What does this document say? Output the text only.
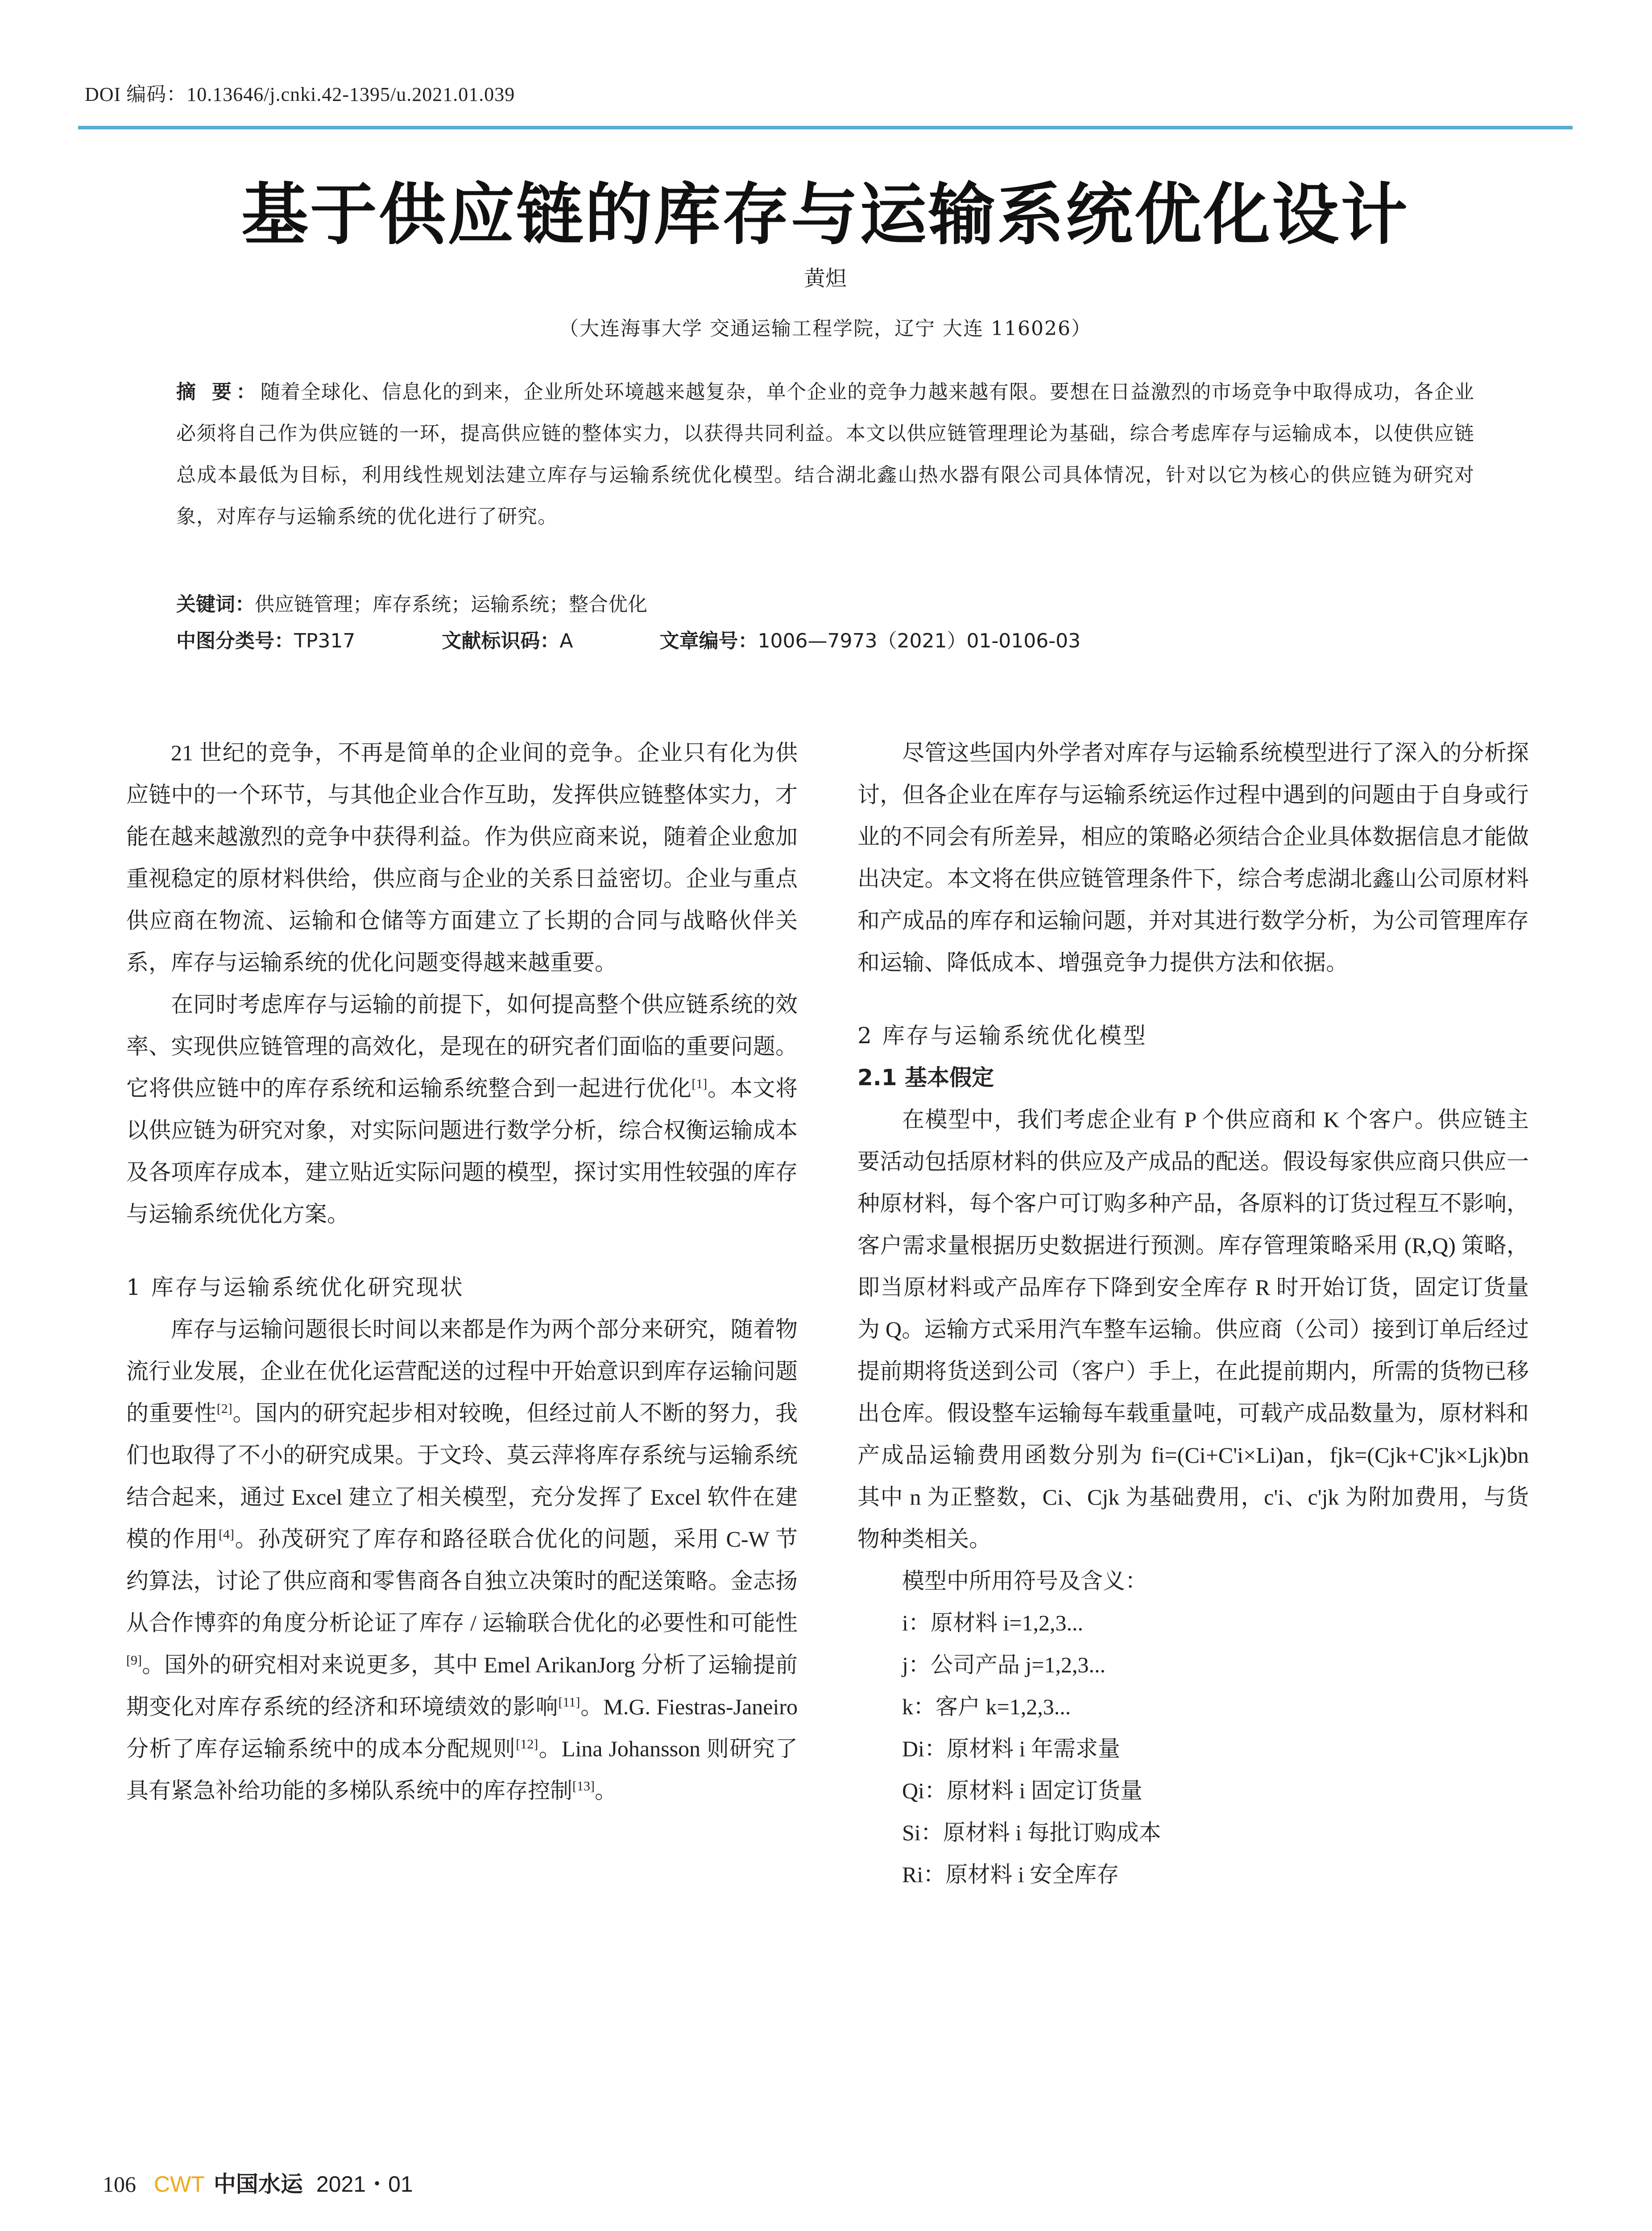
DOI 编码：10.13646/j.cnki.42-1395/u.2021.01.039
基于供应链的库存与运输系统优化设计
黄炟
（大连海事大学 交通运输工程学院，辽宁 大连 116026）
摘 要：随着全球化、信息化的到来，企业所处环境越来越复杂，单个企业的竞争力越来越有限。要想在日益激烈的市场竞争中取得成功，各企业必须将自己作为供应链的一环，提高供应链的整体实力，以获得共同利益。本文以供应链管理理论为基础，综合考虑库存与运输成本，以使供应链总成本最低为目标，利用线性规划法建立库存与运输系统优化模型。结合湖北鑫山热水器有限公司具体情况，针对以它为核心的供应链为研究对象，对库存与运输系统的优化进行了研究。
关键词：供应链管理；库存系统；运输系统；整合优化
中图分类号：TP317	文献标识码：A	文章编号：1006—7973（2021）01-0106-03

21 世纪的竞争，不再是简单的企业间的竞争。企业只有化为供应链中的一个环节，与其他企业合作互助，发挥供应链整体实力，才能在越来越激烈的竞争中获得利益。作为供应商来说，随着企业愈加重视稳定的原材料供给，供应商与企业的关系日益密切。企业与重点供应商在物流、运输和仓储等方面建立了长期的合同与战略伙伴关系，库存与运输系统的优化问题变得越来越重要。

在同时考虑库存与运输的前提下，如何提高整个供应链系统的效率、实现供应链管理的高效化，是现在的研究者们面临的重要问题。它将供应链中的库存系统和运输系统整合到一起进行优化[1]。本文将以供应链为研究对象，对实际问题进行数学分析，综合权衡运输成本及各项库存成本，建立贴近实际问题的模型，探讨实用性较强的库存与运输系统优化方案。

1 库存与运输系统优化研究现状

库存与运输问题很长时间以来都是作为两个部分来研究，随着物流行业发展，企业在优化运营配送的过程中开始意识到库存运输问题的重要性[2]。国内的研究起步相对较晚，但经过前人不断的努力，我们也取得了不小的研究成果。于文玲、莫云萍将库存系统与运输系统结合起来，通过 Excel 建立了相关模型，充分发挥了 Excel 软件在建模的作用[4]。孙茂研究了库存和路径联合优化的问题，采用 C-W 节约算法，讨论了供应商和零售商各自独立决策时的配送策略。金志扬从合作博弈的角度分析论证了库存 / 运输联合优化的必要性和可能性[9]。国外的研究相对来说更多，其中 Emel ArikanJorg 分析了运输提前期变化对库存系统的经济和环境绩效的影响[11]。M.G. Fiestras-Janeiro 分析了库存运输系统中的成本分配规则[12]。Lina Johansson 则研究了具有紧急补给功能的多梯队系统中的库存控制[13]。

尽管这些国内外学者对库存与运输系统模型进行了深入的分析探讨，但各企业在库存与运输系统运作过程中遇到的问题由于自身或行业的不同会有所差异，相应的策略必须结合企业具体数据信息才能做出决定。本文将在供应链管理条件下，综合考虑湖北鑫山公司原材料和产成品的库存和运输问题，并对其进行数学分析，为公司管理库存和运输、降低成本、增强竞争力提供方法和依据。

2 库存与运输系统优化模型
2.1 基本假定

在模型中，我们考虑企业有 P 个供应商和 K 个客户。供应链主要活动包括原材料的供应及产成品的配送。假设每家供应商只供应一种原材料，每个客户可订购多种产品，各原料的订货过程互不影响，客户需求量根据历史数据进行预测。库存管理策略采用 (R,Q) 策略，即当原材料或产品库存下降到安全库存 R 时开始订货，固定订货量为 Q。运输方式采用汽车整车运输。供应商（公司）接到订单后经过提前期将货送到公司（客户）手上，在此提前期内，所需的货物已移出仓库。假设整车运输每车载重量吨，可载产成品数量为，原材料和产成品运输费用函数分别为 fi=(Ci+C'i×Li)an，fjk=(Cjk+C'jk×Ljk)bn 其中 n 为正整数，Ci、Cjk 为基础费用，c'i、c'jk 为附加费用，与货物种类相关。

模型中所用符号及含义：

i：原材料 i=1,2,3...

j：公司产品 j=1,2,3...

k：客户 k=1,2,3...

Di：原材料 i 年需求量

Qi：原材料 i 固定订货量

Si：原材料 i 每批订购成本

Ri：原材料 i 安全库存

106 CWT 中国水运 2021・01
